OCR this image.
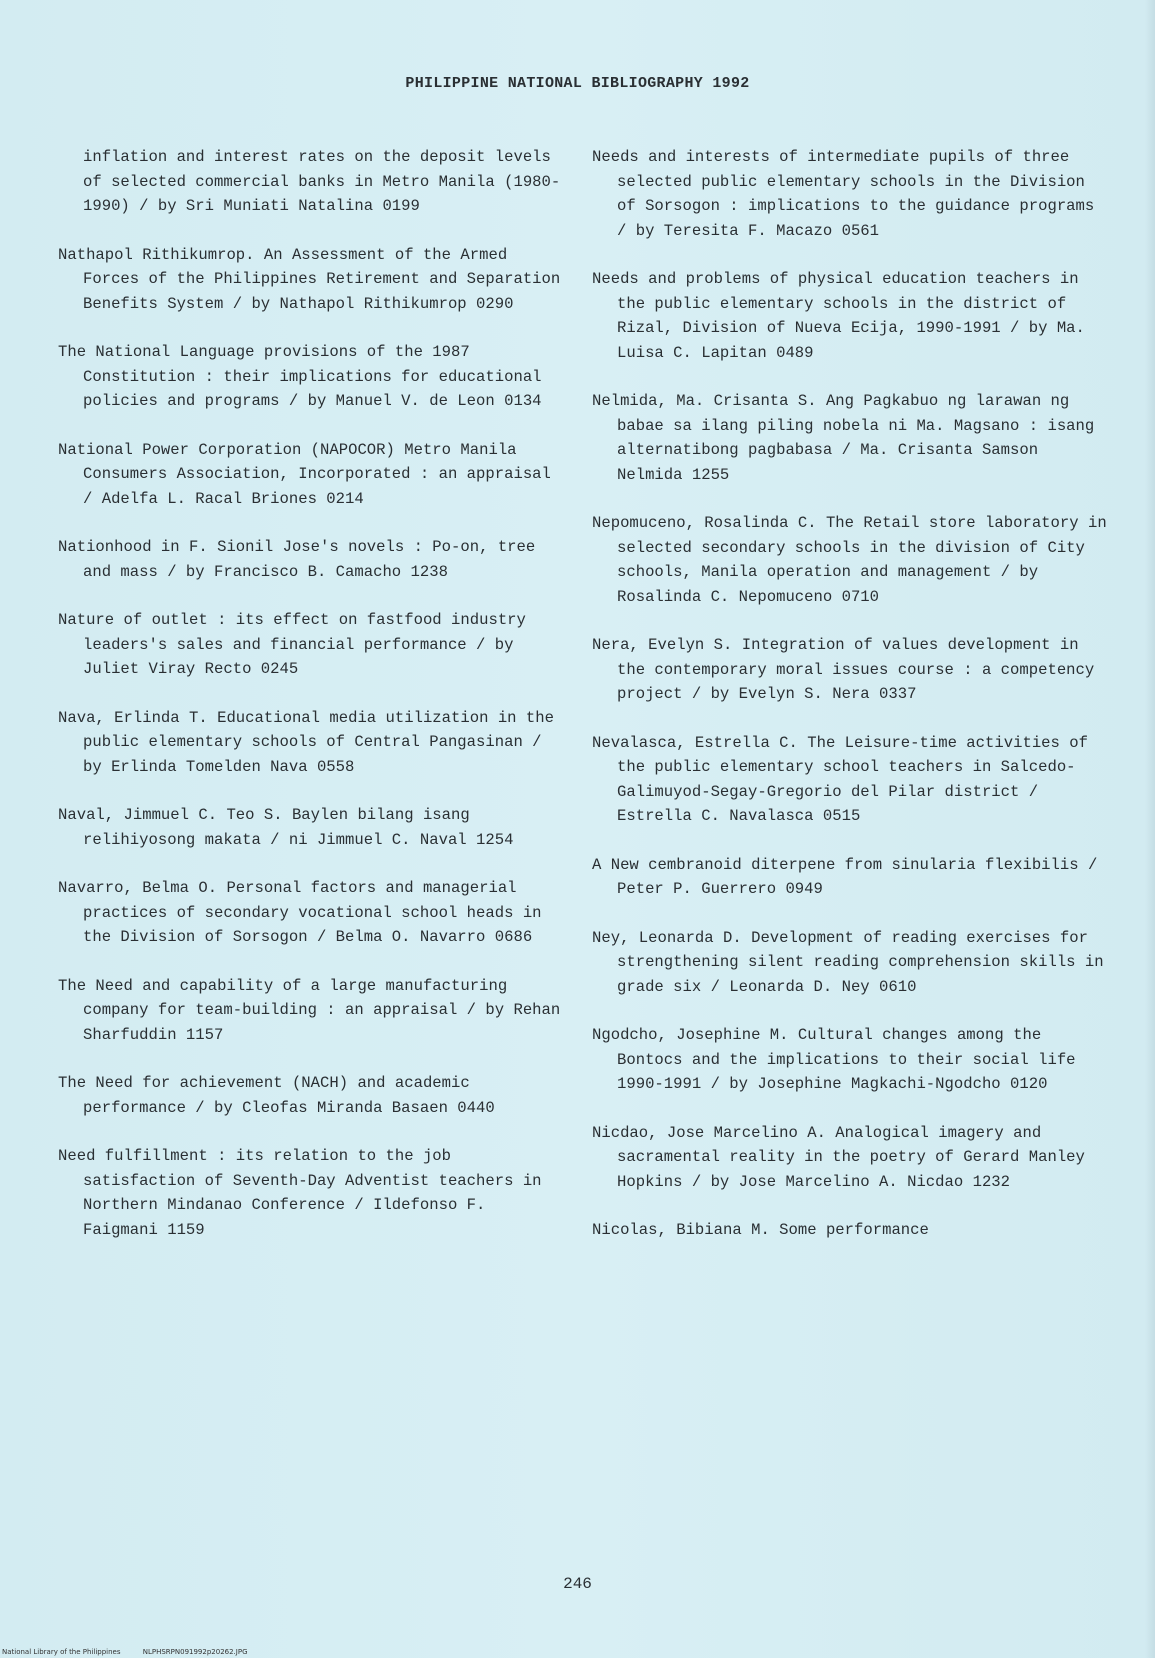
PHILIPPINE NATIONAL BIBLIOGRAPHY 1992

inflation and interest rates on the deposit levels of selected commercial banks in Metro Manila (1980-1990) / by Sri Muniati Natalina 0199

Nathapol Rithikumrop. An Assessment of the Armed Forces of the Philippines Retirement and Separation Benefits System / by Nathapol Rithikumrop 0290

The National Language provisions of the 1987 Constitution : their implications for educational policies and programs / by Manuel V. de Leon 0134

National Power Corporation (NAPOCOR) Metro Manila Consumers Association, Incorporated : an appraisal / Adelfa L. Racal Briones 0214

Nationhood in F. Sionil Jose's novels : Po-on, tree and mass / by Francisco B. Camacho 1238

Nature of outlet : its effect on fastfood industry leaders's sales and financial performance / by Juliet Viray Recto 0245

Nava, Erlinda T. Educational media utilization in the public elementary schools of Central Pangasinan / by Erlinda Tomelden Nava 0558

Naval, Jimmuel C. Teo S. Baylen bilang isang relihiyosong makata / ni Jimmuel C. Naval 1254

Navarro, Belma O. Personal factors and managerial practices of secondary vocational school heads in the Division of Sorsogon / Belma O. Navarro 0686

The Need and capability of a large manufacturing company for team-building : an appraisal / by Rehan Sharfuddin 1157

The Need for achievement (NACH) and academic performance / by Cleofas Miranda Basaen 0440

Need fulfillment : its relation to the job satisfaction of Seventh-Day Adventist teachers in Northern Mindanao Conference / Ildefonso F. Faigmani 1159

Needs and interests of intermediate pupils of three selected public elementary schools in the Division of Sorsogon : implications to the guidance programs / by Teresita F. Macazo 0561

Needs and problems of physical education teachers in the public elementary schools in the district of Rizal, Division of Nueva Ecija, 1990-1991 / by Ma. Luisa C. Lapitan 0489

Nelmida, Ma. Crisanta S. Ang Pagkabuo ng larawan ng babae sa ilang piling nobela ni Ma. Magsano : isang alternatibong pagbabasa / Ma. Crisanta Samson Nelmida 1255

Nepomuceno, Rosalinda C. The Retail store laboratory in selected secondary schools in the division of City schools, Manila operation and management / by Rosalinda C. Nepomuceno 0710

Nera, Evelyn S. Integration of values development in the contemporary moral issues course : a competency project / by Evelyn S. Nera 0337

Nevalasca, Estrella C. The Leisure-time activities of the public elementary school teachers in Salcedo-Galimuyod-Segay-Gregorio del Pilar district / Estrella C. Navalasca 0515

A New cembranoid diterpene from sinularia flexibilis / Peter P. Guerrero 0949

Ney, Leonarda D. Development of reading exercises for strengthening silent reading comprehension skills in grade six / Leonarda D. Ney 0610

Ngodcho, Josephine M. Cultural changes among the Bontocs and the implications to their social life 1990-1991 / by Josephine Magkachi-Ngodcho 0120

Nicdao, Jose Marcelino A. Analogical imagery and sacramental reality in the poetry of Gerard Manley Hopkins / by Jose Marcelino A. Nicdao 1232

Nicolas, Bibiana M. Some performance

246
National Library of the Philippines	NLPHSRPN091992p20262.JPG
